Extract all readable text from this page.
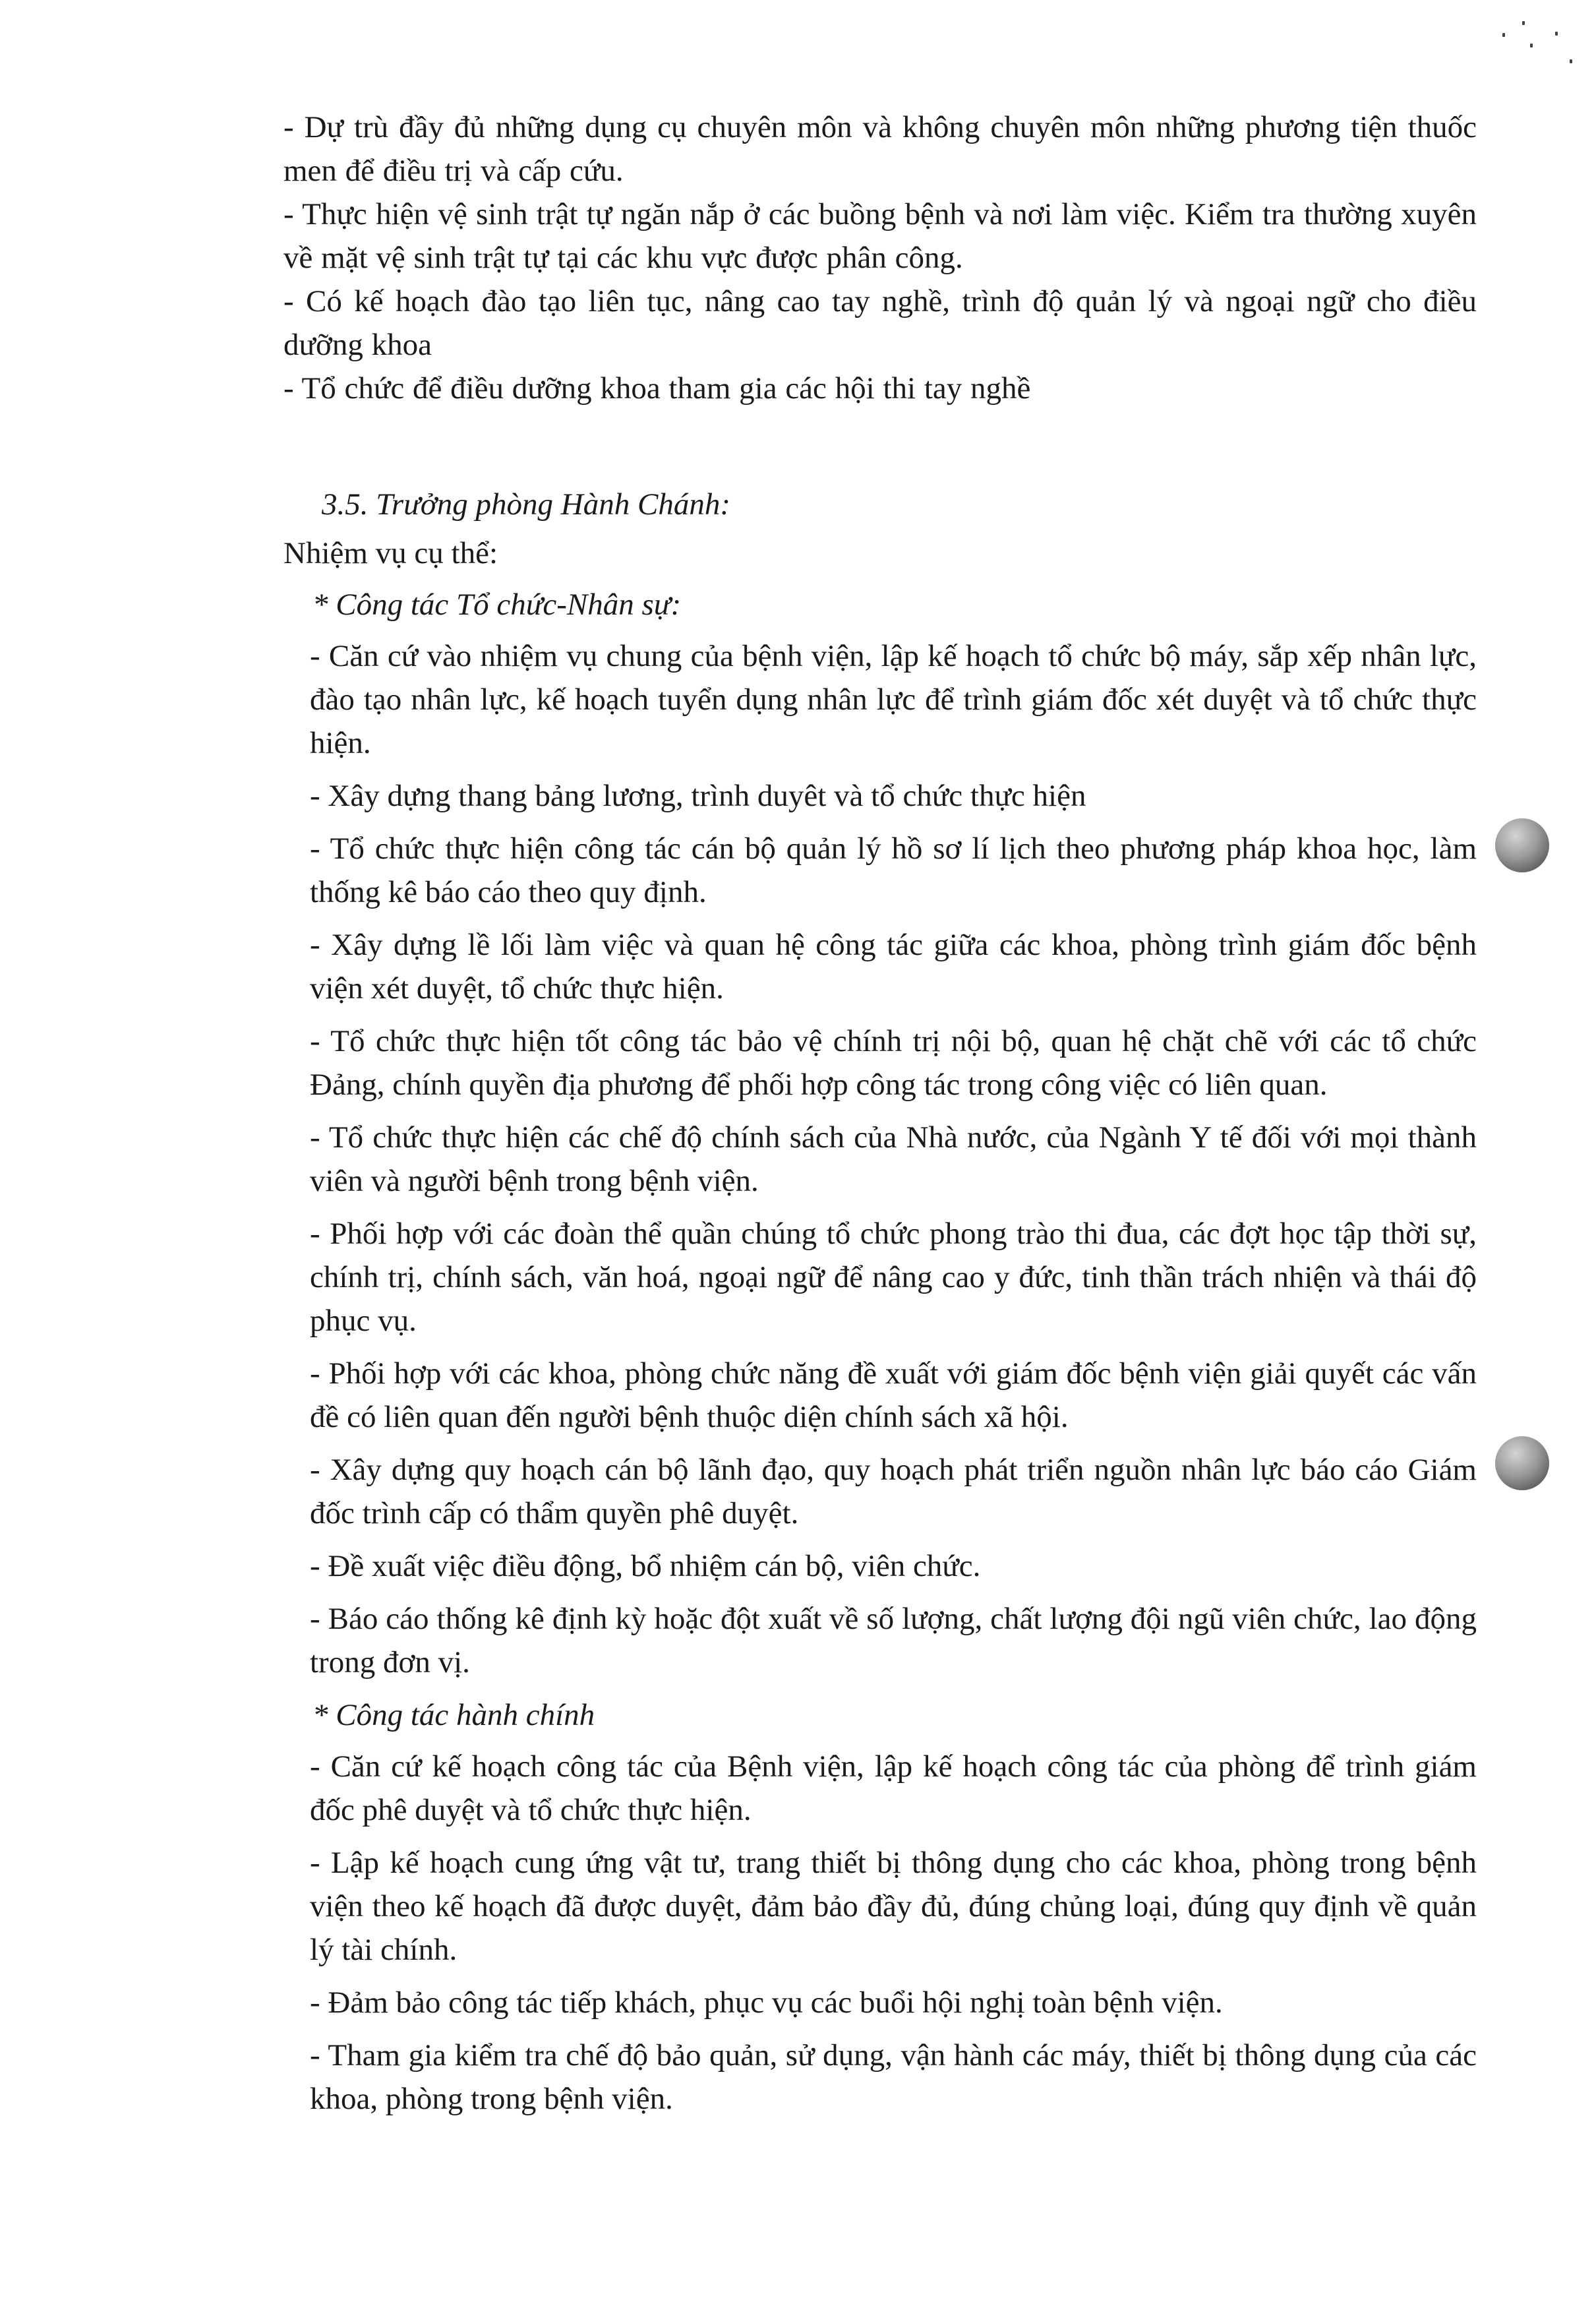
- Dự trù đầy đủ những dụng cụ chuyên môn và không chuyên môn những phương tiện thuốc men để điều trị và cấp cứu.

- Thực hiện vệ sinh trật tự ngăn nắp ở các buồng bệnh và nơi làm việc. Kiểm tra thường xuyên về mặt vệ sinh trật tự tại các khu vực được phân công.

- Có kế hoạch đào tạo liên tục, nâng cao tay nghề, trình độ quản lý và ngoại ngữ cho điều dưỡng khoa

- Tổ chức để điều dưỡng khoa tham gia các hội thi tay nghề

3.5. Trưởng phòng Hành Chánh:
Nhiệm vụ cụ thể:
* Công tác Tổ chức-Nhân sự:

- Căn cứ vào nhiệm vụ chung của bệnh viện, lập kế hoạch tổ chức bộ máy, sắp xếp nhân lực, đào tạo nhân lực, kế hoạch tuyển dụng nhân lực để trình giám đốc xét duyệt và tổ chức thực hiện.

- Xây dựng thang bảng lương, trình duyêt và tổ chức thực hiện

- Tổ chức thực hiện công tác cán bộ quản lý hồ sơ lí lịch theo phương pháp khoa học, làm thống kê báo cáo theo quy định.

- Xây dựng lề lối làm việc và quan hệ công tác giữa các khoa, phòng trình giám đốc bệnh viện xét duyệt, tổ chức thực hiện.

- Tổ chức thực hiện tốt công tác bảo vệ chính trị nội bộ, quan hệ chặt chẽ với các tổ chức Đảng, chính quyền địa phương để phối hợp công tác trong công việc có liên quan.

- Tổ chức thực hiện các chế độ chính sách của Nhà nước, của Ngành Y tế đối với mọi thành viên và người bệnh trong bệnh viện.

- Phối hợp với các đoàn thể quần chúng tổ chức phong trào thi đua, các đợt học tập thời sự, chính trị, chính sách, văn hoá, ngoại ngữ để nâng cao y đức, tinh thần trách nhiện và thái độ phục vụ.

- Phối hợp với các khoa, phòng chức năng đề xuất với giám đốc bệnh viện giải quyết các vấn đề có liên quan đến người bệnh thuộc diện chính sách xã hội.

- Xây dựng quy hoạch cán bộ lãnh đạo, quy hoạch phát triển nguồn nhân lực báo cáo Giám đốc trình cấp có thẩm quyền phê duyệt.

- Đề xuất việc điều động, bổ nhiệm cán bộ, viên chức.

- Báo cáo thống kê định kỳ hoặc đột xuất về số lượng, chất lượng đội ngũ viên chức, lao động trong đơn vị.

* Công tác hành chính

- Căn cứ kế hoạch công tác của Bệnh viện, lập kế hoạch công tác của phòng để trình giám đốc phê duyệt và tổ chức thực hiện.

- Lập kế hoạch cung ứng vật tư, trang thiết bị thông dụng cho các khoa, phòng trong bệnh viện theo kế hoạch đã được duyệt, đảm bảo đầy đủ, đúng chủng loại, đúng quy định về quản lý tài chính.

- Đảm bảo công tác tiếp khách, phục vụ các buổi hội nghị toàn bệnh viện.

- Tham gia kiểm tra chế độ bảo quản, sử dụng, vận hành các máy, thiết bị thông dụng của các khoa, phòng trong bệnh viện.
